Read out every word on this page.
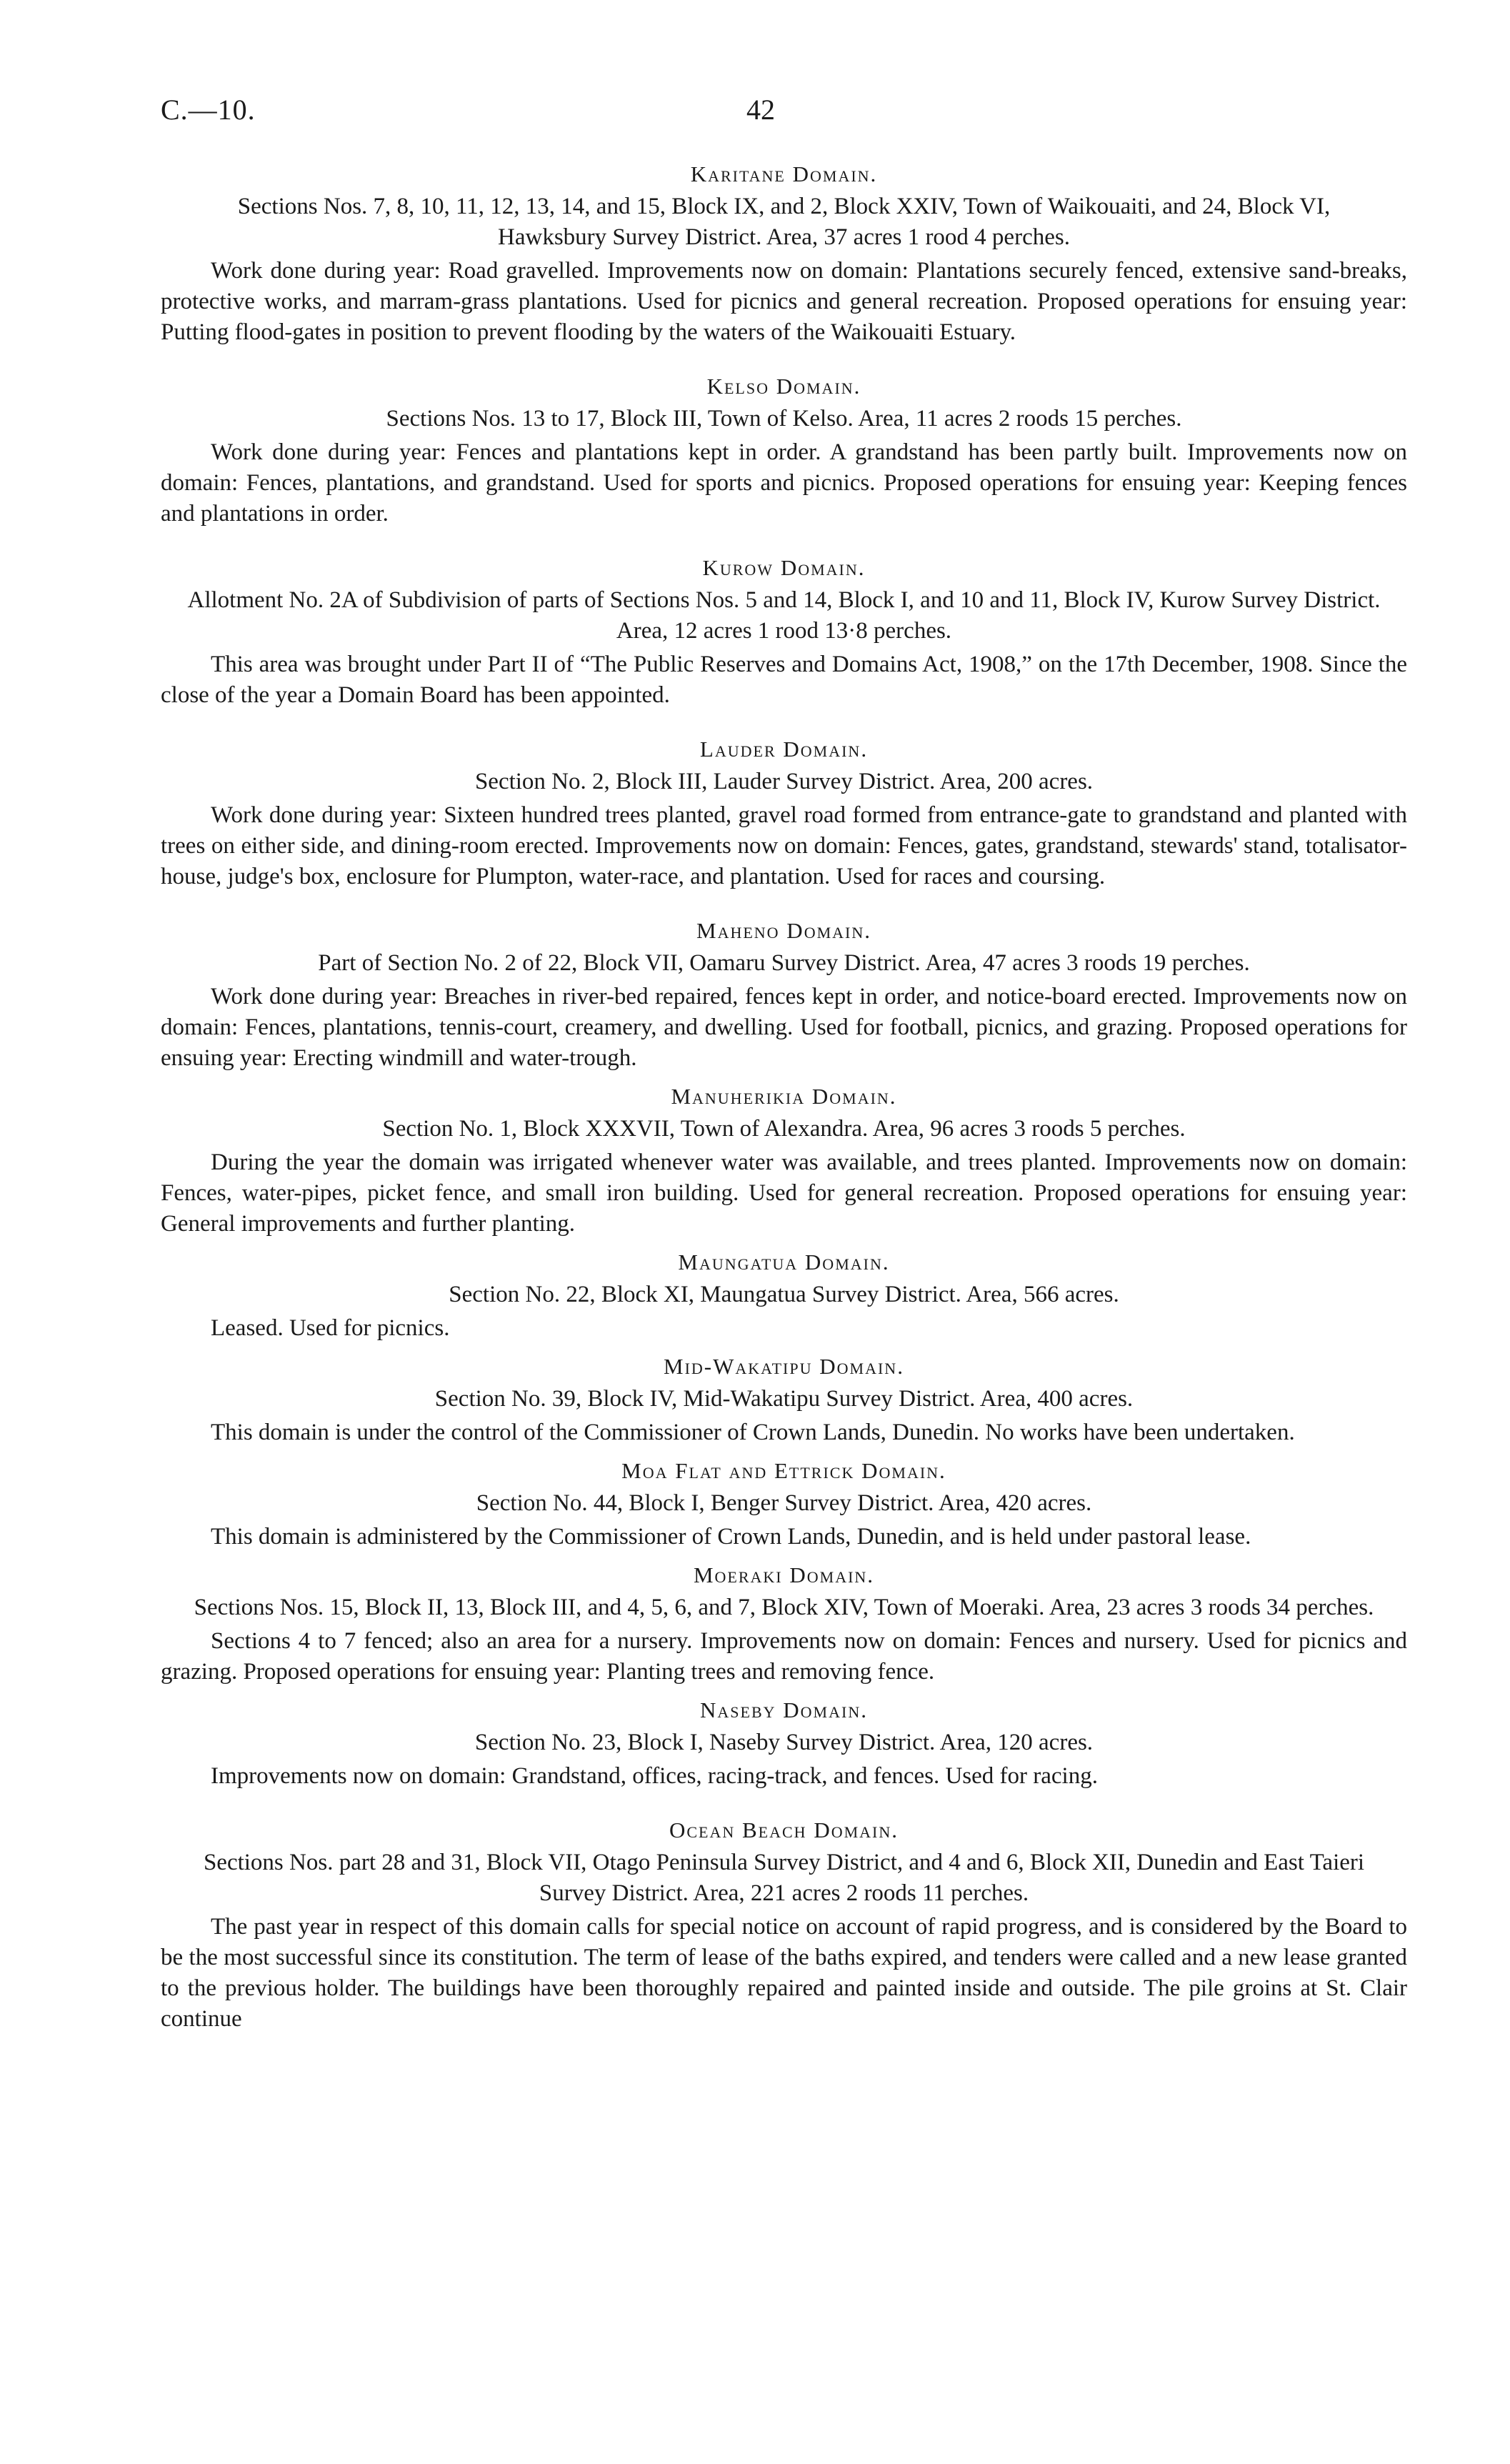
C.—10.	42
Karitane Domain.
Sections Nos. 7, 8, 10, 11, 12, 13, 14, and 15, Block IX, and 2, Block XXIV, Town of Waikouaiti, and 24, Block VI, Hawksbury Survey District. Area, 37 acres 1 rood 4 perches.
Work done during year: Road gravelled. Improvements now on domain: Plantations securely fenced, extensive sand-breaks, protective works, and marram-grass plantations. Used for picnics and general recreation. Proposed operations for ensuing year: Putting flood-gates in position to prevent flooding by the waters of the Waikouaiti Estuary.
Kelso Domain.
Sections Nos. 13 to 17, Block III, Town of Kelso. Area, 11 acres 2 roods 15 perches.
Work done during year: Fences and plantations kept in order. A grandstand has been partly built. Improvements now on domain: Fences, plantations, and grandstand. Used for sports and picnics. Proposed operations for ensuing year: Keeping fences and plantations in order.
Kurow Domain.
Allotment No. 2A of Subdivision of parts of Sections Nos. 5 and 14, Block I, and 10 and 11, Block IV, Kurow Survey District. Area, 12 acres 1 rood 13·8 perches.
This area was brought under Part II of “The Public Reserves and Domains Act, 1908,” on the 17th December, 1908. Since the close of the year a Domain Board has been appointed.
Lauder Domain.
Section No. 2, Block III, Lauder Survey District. Area, 200 acres.
Work done during year: Sixteen hundred trees planted, gravel road formed from entrance-gate to grandstand and planted with trees on either side, and dining-room erected. Improvements now on domain: Fences, gates, grandstand, stewards' stand, totalisator-house, judge's box, enclosure for Plumpton, water-race, and plantation. Used for races and coursing.
Maheno Domain.
Part of Section No. 2 of 22, Block VII, Oamaru Survey District. Area, 47 acres 3 roods 19 perches.
Work done during year: Breaches in river-bed repaired, fences kept in order, and notice-board erected. Improvements now on domain: Fences, plantations, tennis-court, creamery, and dwelling. Used for football, picnics, and grazing. Proposed operations for ensuing year: Erecting windmill and water-trough.
Manuherikia Domain.
Section No. 1, Block XXXVII, Town of Alexandra. Area, 96 acres 3 roods 5 perches.
During the year the domain was irrigated whenever water was available, and trees planted. Improvements now on domain: Fences, water-pipes, picket fence, and small iron building. Used for general recreation. Proposed operations for ensuing year: General improvements and further planting.
Maungatua Domain.
Section No. 22, Block XI, Maungatua Survey District. Area, 566 acres.
Leased. Used for picnics.
Mid-Wakatipu Domain.
Section No. 39, Block IV, Mid-Wakatipu Survey District. Area, 400 acres.
This domain is under the control of the Commissioner of Crown Lands, Dunedin. No works have been undertaken.
Moa Flat and Ettrick Domain.
Section No. 44, Block I, Benger Survey District. Area, 420 acres.
This domain is administered by the Commissioner of Crown Lands, Dunedin, and is held under pastoral lease.
Moeraki Domain.
Sections Nos. 15, Block II, 13, Block III, and 4, 5, 6, and 7, Block XIV, Town of Moeraki. Area, 23 acres 3 roods 34 perches.
Sections 4 to 7 fenced; also an area for a nursery. Improvements now on domain: Fences and nursery. Used for picnics and grazing. Proposed operations for ensuing year: Planting trees and removing fence.
Naseby Domain.
Section No. 23, Block I, Naseby Survey District. Area, 120 acres.
Improvements now on domain: Grandstand, offices, racing-track, and fences. Used for racing.
Ocean Beach Domain.
Sections Nos. part 28 and 31, Block VII, Otago Peninsula Survey District, and 4 and 6, Block XII, Dunedin and East Taieri Survey District. Area, 221 acres 2 roods 11 perches.
The past year in respect of this domain calls for special notice on account of rapid progress, and is considered by the Board to be the most successful since its constitution. The term of lease of the baths expired, and tenders were called and a new lease granted to the previous holder. The buildings have been thoroughly repaired and painted inside and outside. The pile groins at St. Clair continue
